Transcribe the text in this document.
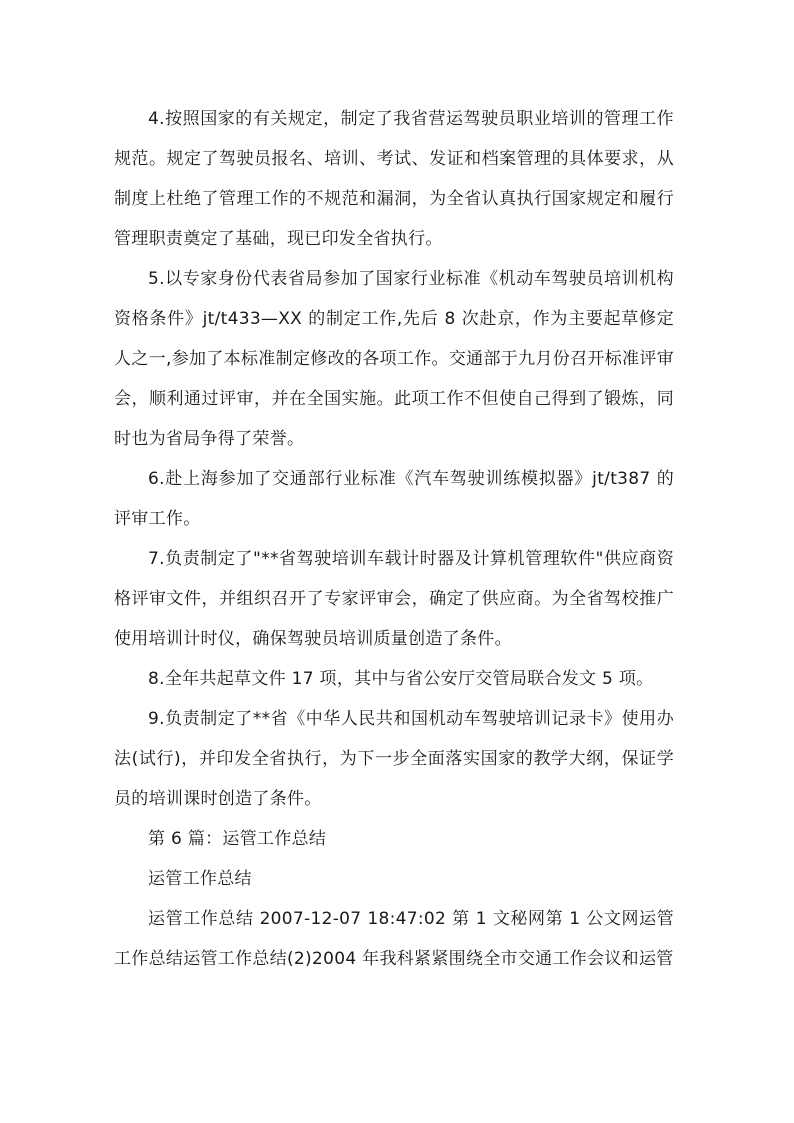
4.按照国家的有关规定，制定了我省营运驾驶员职业培训的管理工作规范。规定了驾驶员报名、培训、考试、发证和档案管理的具体要求，从制度上杜绝了管理工作的不规范和漏洞，为全省认真执行国家规定和履行管理职责奠定了基础，现已印发全省执行。

5.以专家身份代表省局参加了国家行业标准《机动车驾驶员培训机构资格条件》jt/t433—XX 的制定工作,先后 8 次赴京，作为主要起草修定人之一,参加了本标准制定修改的各项工作。交通部于九月份召开标准评审会，顺利通过评审，并在全国实施。此项工作不但使自己得到了锻炼，同时也为省局争得了荣誉。

6.赴上海参加了交通部行业标准《汽车驾驶训练模拟器》jt/t387 的评审工作。

7.负责制定了"**省驾驶培训车载计时器及计算机管理软件"供应商资格评审文件，并组织召开了专家评审会，确定了供应商。为全省驾校推广使用培训计时仪，确保驾驶员培训质量创造了条件。

8.全年共起草文件 17 项，其中与省公安厅交管局联合发文 5 项。

9.负责制定了**省《中华人民共和国机动车驾驶培训记录卡》使用办法(试行)，并印发全省执行，为下一步全面落实国家的教学大纲，保证学员的培训课时创造了条件。

第 6 篇：运管工作总结

运管工作总结

运管工作总结 2007-12-07 18:47:02 第 1 文秘网第 1 公文网运管工作总结运管工作总结(2)2004 年我科紧紧围绕全市交通工作会议和运管
